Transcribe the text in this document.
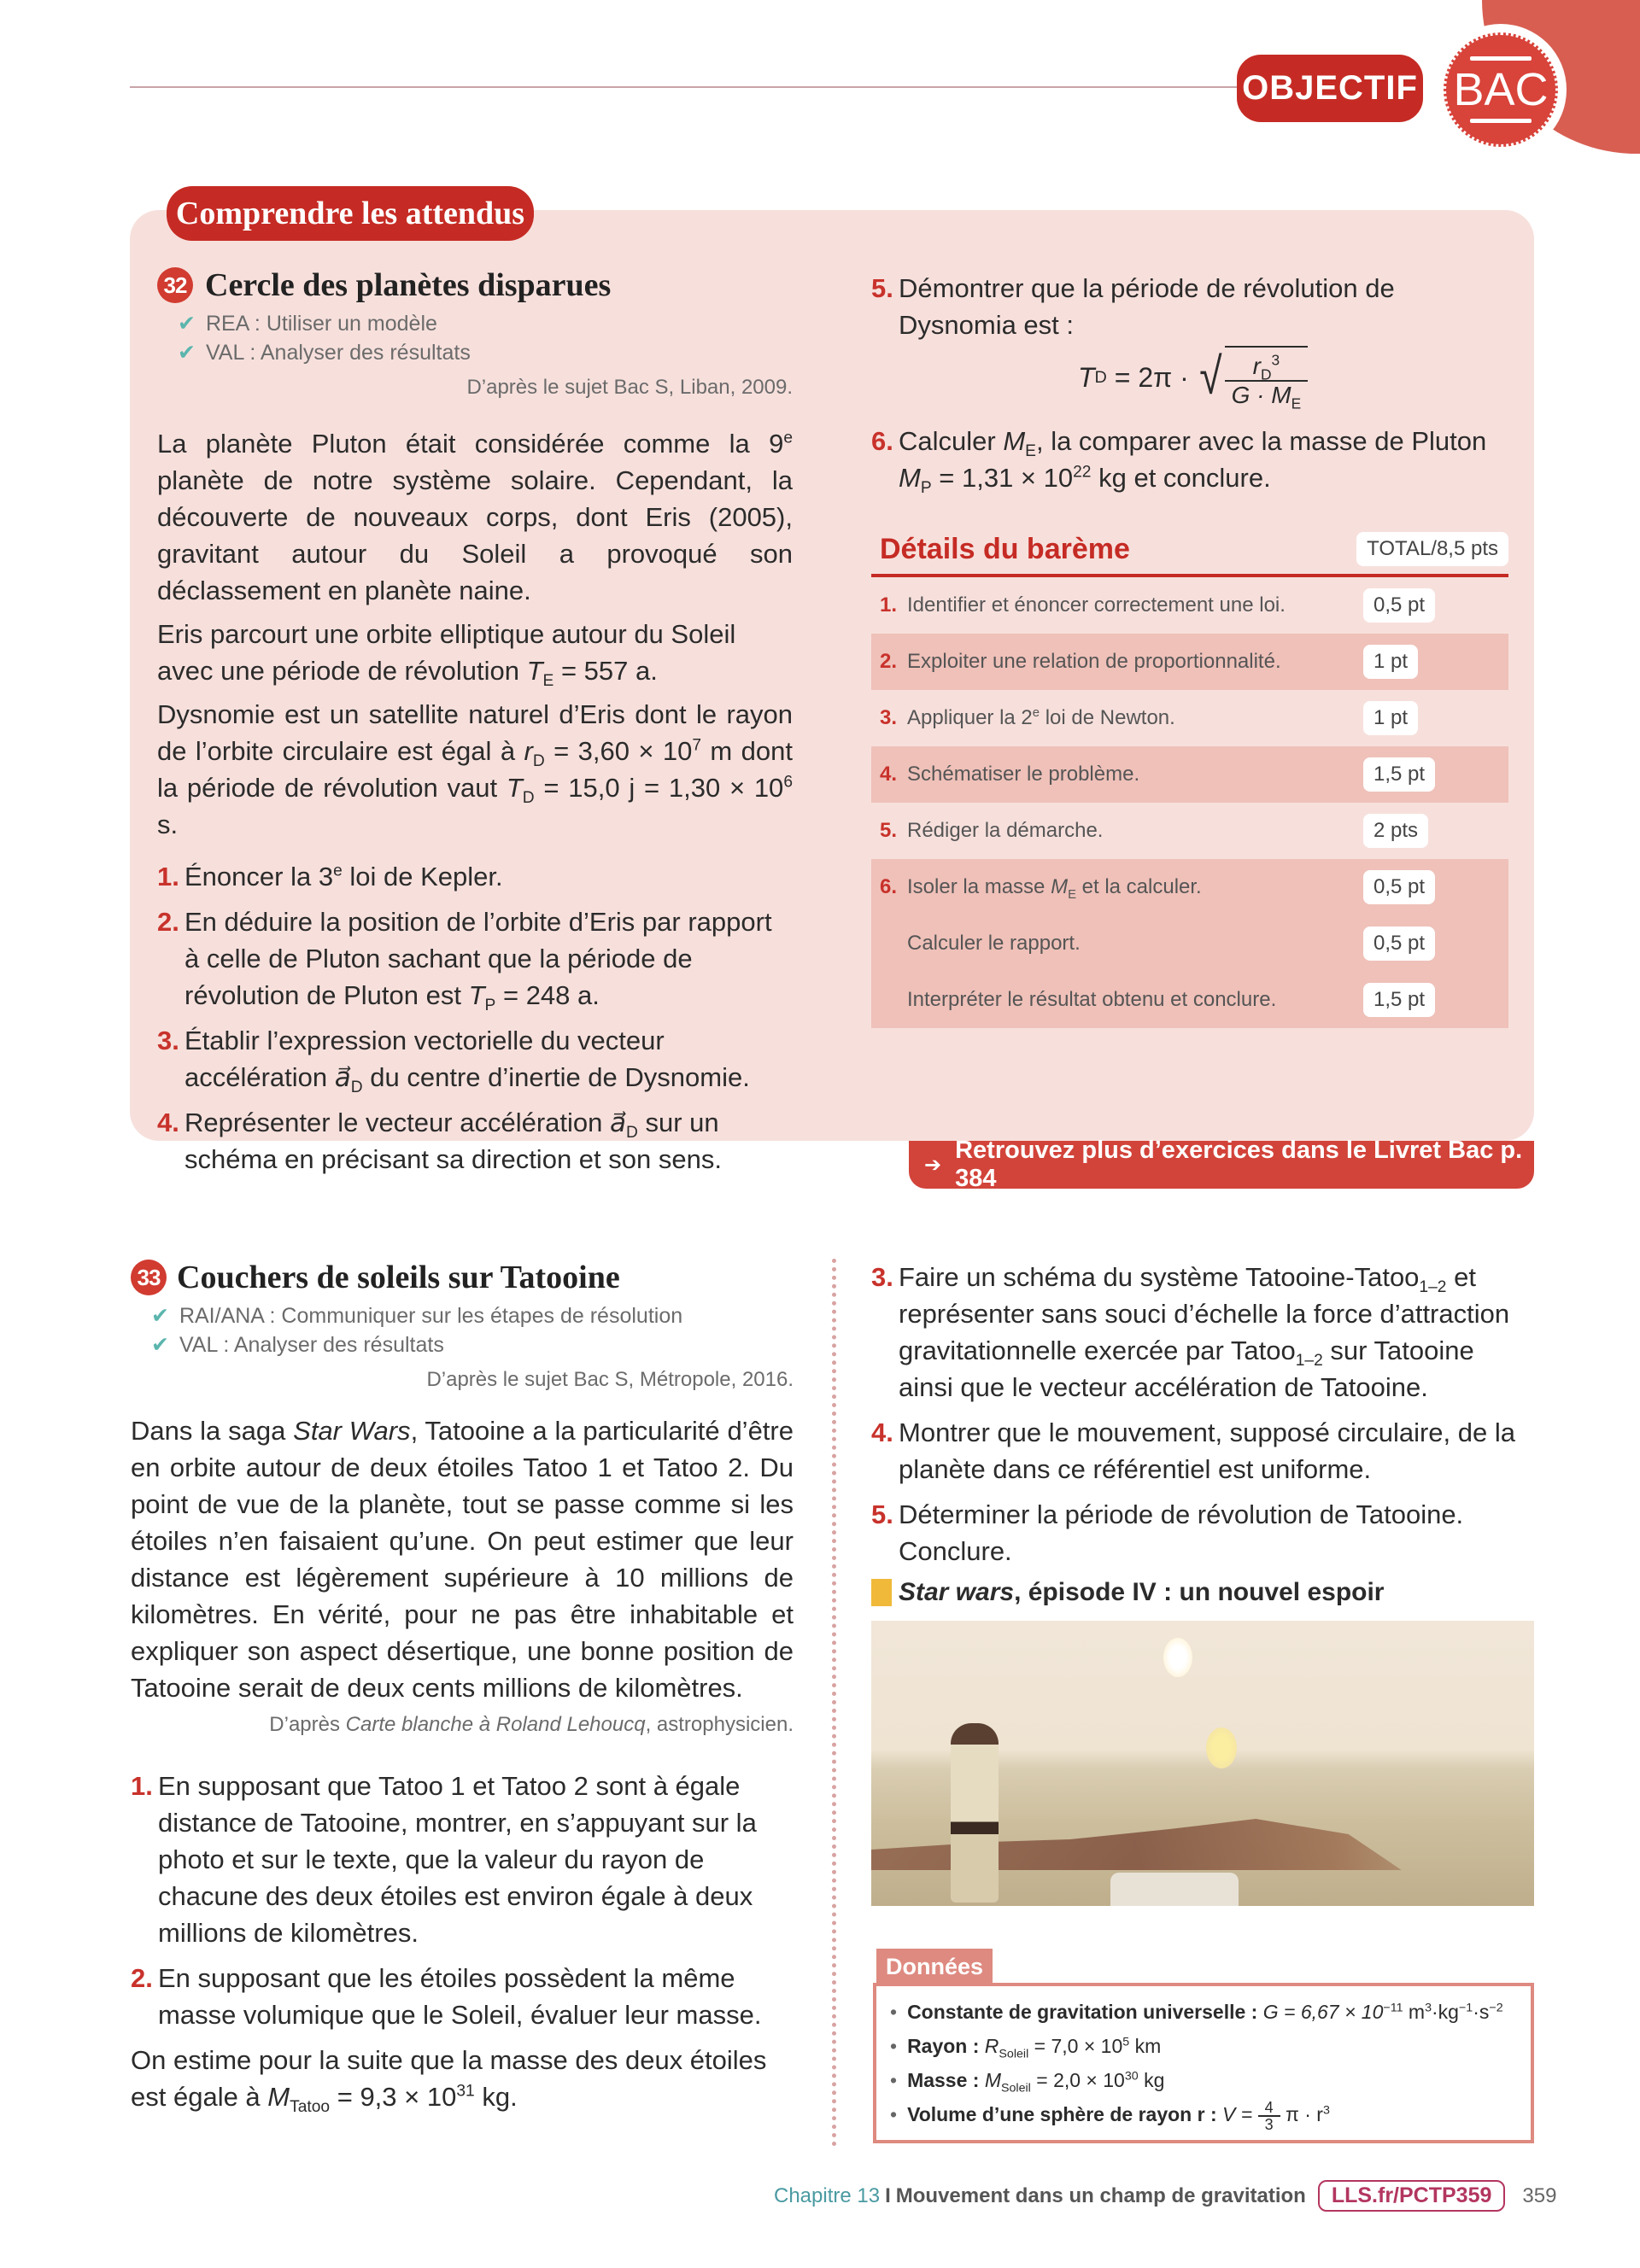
OBJECTIF BAC
Comprendre les attendus
32 Cercle des planètes disparues
✔ REA : Utiliser un modèle
✔ VAL : Analyser des résultats
D’après le sujet Bac S, Liban, 2009.

La planète Pluton était considérée comme la 9e planète de notre système solaire. Cependant, la découverte de nouveaux corps, dont Eris (2005), gravitant autour du Soleil a provoqué son déclassement en planète naine.

Eris parcourt une orbite elliptique autour du Soleil avec une période de révolution $T_E = 557$ a.

Dysnomie est un satellite naturel d’Eris dont le rayon de l’orbite circulaire est égal à $r_D = 3,60 \times 10^7$ m dont la période de révolution vaut $T_D = 15,0$ $j = 1,30 \times 10^6$ s.

1. Énoncer la 3e loi de Kepler.

2. En déduire la position de l’orbite d’Eris par rapport à celle de Pluton sachant que la période de révolution de Pluton est $T_P = 248$ a.

3. Établir l’expression vectorielle du vecteur accélération $a⃗_D$ du centre d’inertie de Dysnomie.

4. Représenter le vecteur accélération $a⃗_D$ sur un schéma en précisant sa direction et son sens.

5. Démontrer que la période de révolution de Dysnomia est :

T D = 2π · √ $\frac{r_D^3}{G \cdot M_E}$

6. Calculer $M_E$, la comparer avec la masse de Pluton $M_P = 1,31 \times 10^{22}$ kg et conclure.

Détails du barème	TOTAL/8,5 pts
1. Identifier et énoncer correctement une loi.	0,5 pt
2. Exploiter une relation de proportionnalité.	1 pt
3. Appliquer la 2e loi de Newton.	1 pt
4. Schématiser le problème.	1,5 pt
5. Rédiger la démarche.	2 pts
6. Isoler la masse $M_E$ et la calculer.	0,5 pt
Calculer le rapport.	0,5 pt
Interpréter le résultat obtenu et conclure.	1,5 pt
➔
Retrouvez plus d’exercices dans le Livret Bac p. 384
33 Couchers de soleils sur Tatooine
✔ RAI/ANA : Communiquer sur les étapes de résolution
✔ VAL : Analyser des résultats
D’après le sujet Bac S, Métropole, 2016.

Dans la saga Star Wars, Tatooine a la particularité d’être en orbite autour de deux étoiles Tatoo 1 et Tatoo 2. Du point de vue de la planète, tout se passe comme si les étoiles n’en faisaient qu’une. On peut estimer que leur distance est légèrement supérieure à 10 millions de kilomètres. En vérité, pour ne pas être inhabitable et expliquer son aspect désertique, une bonne position de Tatooine serait de deux cents millions de kilomètres.

D’après Carte blanche à Roland Lehoucq, astrophysicien.

1. En supposant que Tatoo 1 et Tatoo 2 sont à égale distance de Tatooine, montrer, en s’appuyant sur la photo et sur le texte, que la valeur du rayon de chacune des deux étoiles est environ égale à deux millions de kilomètres.

2. En supposant que les étoiles possèdent la même masse volumique que le Soleil, évaluer leur masse.

On estime pour la suite que la masse des deux étoiles est égale à $M_{Tatoo} = 9,3 \times 10^{31}$ kg.

3. Faire un schéma du système Tatooine-Tatoo$_{1-2}$ et représenter sans souci d’échelle la force d’attraction gravitationnelle exercée par Tatoo$_{1-2}$ sur Tatooine ainsi que le vecteur accélération de Tatooine.

4. Montrer que le mouvement, supposé circulaire, de la planète dans ce référentiel est uniforme.

5. Déterminer la période de révolution de Tatooine. Conclure.

Star wars, épisode IV : un nouvel espoir
Données
• Constante de gravitation universelle : $G = 6,67 \times 10^{-11}$ $m^3\cdot kg^{-1}\cdot s^{-2}$
• Rayon : $R_{Soleil} = 7,0 \times 10^5$ km
• Masse : $M_{Soleil} = 2,0 \times 10^{30}$ kg
• Volume d’une sphère de rayon r : $V = \frac{4}{3}$ $\pi \cdot r^3$
Chapitre 13 I Mouvement dans un champ de gravitation	LLS.fr/PCTP359	359
